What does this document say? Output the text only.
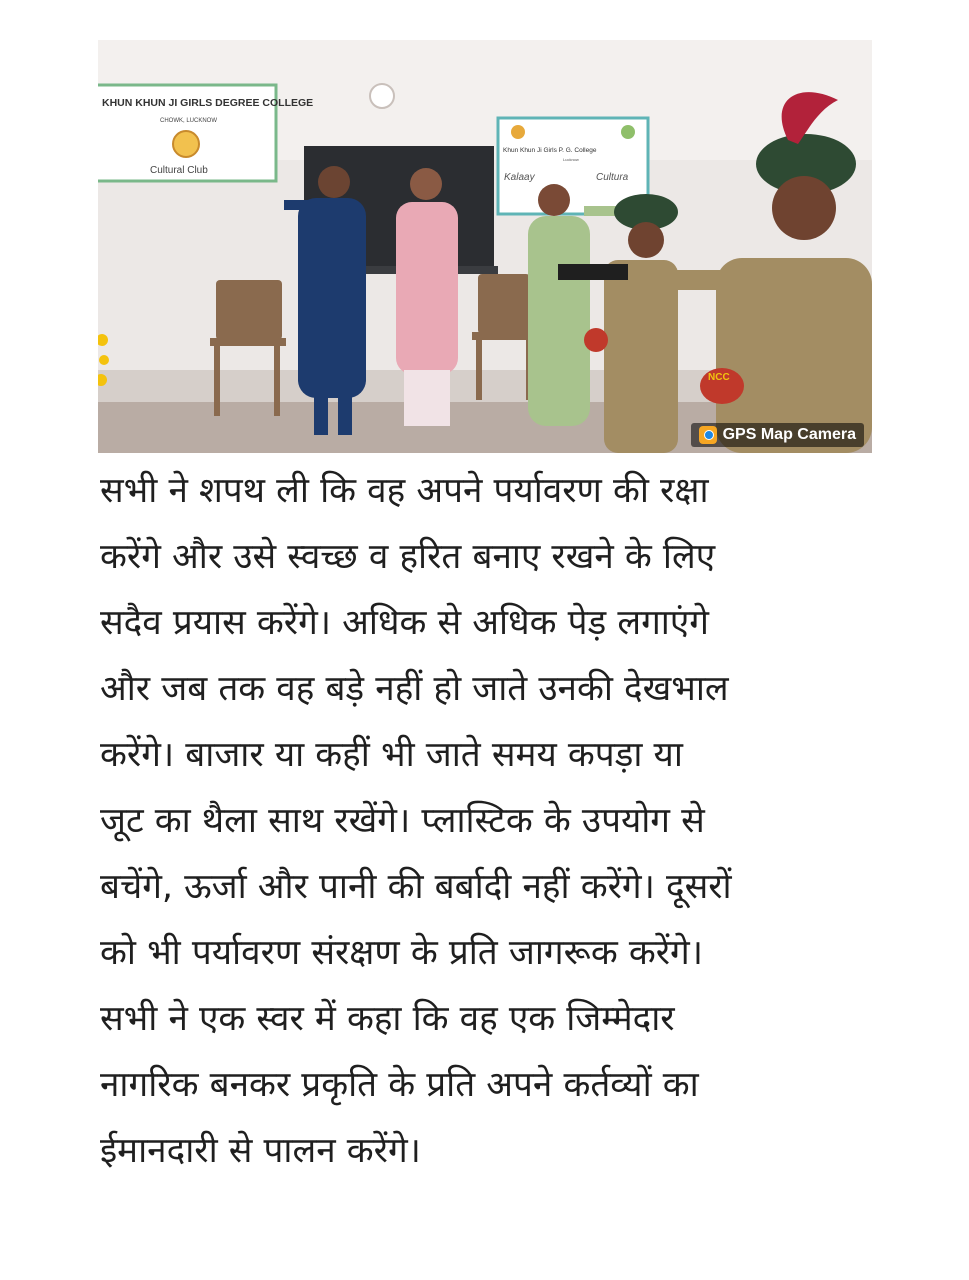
KHUN KHUN JI GIRLS DEGREE COLLEGE
CHOWK, LUCKNOW
Cultural Club
Khun Khun Ji Girls P. G. College
Lucknow
Kalaay	Cultura
NCC
GPS Map Camera
सभी ने शपथ ली कि वह अपने पर्यावरण की रक्षा
करेंगे और उसे स्वच्छ व हरित बनाए रखने के लिए
सदैव प्रयास करेंगे। अधिक से अधिक पेड़ लगाएंगे
और जब तक वह बड़े नहीं हो जाते उनकी देखभाल
करेंगे। बाजार या कहीं भी जाते समय कपड़ा या
जूट का थैला साथ रखेंगे। प्लास्टिक के उपयोग से
बचेंगे, ऊर्जा और पानी की बर्बादी नहीं करेंगे। दूसरों
को भी पर्यावरण संरक्षण के प्रति जागरूक करेंगे।
सभी ने एक स्वर में कहा कि वह एक जिम्मेदार
नागरिक बनकर प्रकृति के प्रति अपने कर्तव्यों का
ईमानदारी से पालन करेंगे।
